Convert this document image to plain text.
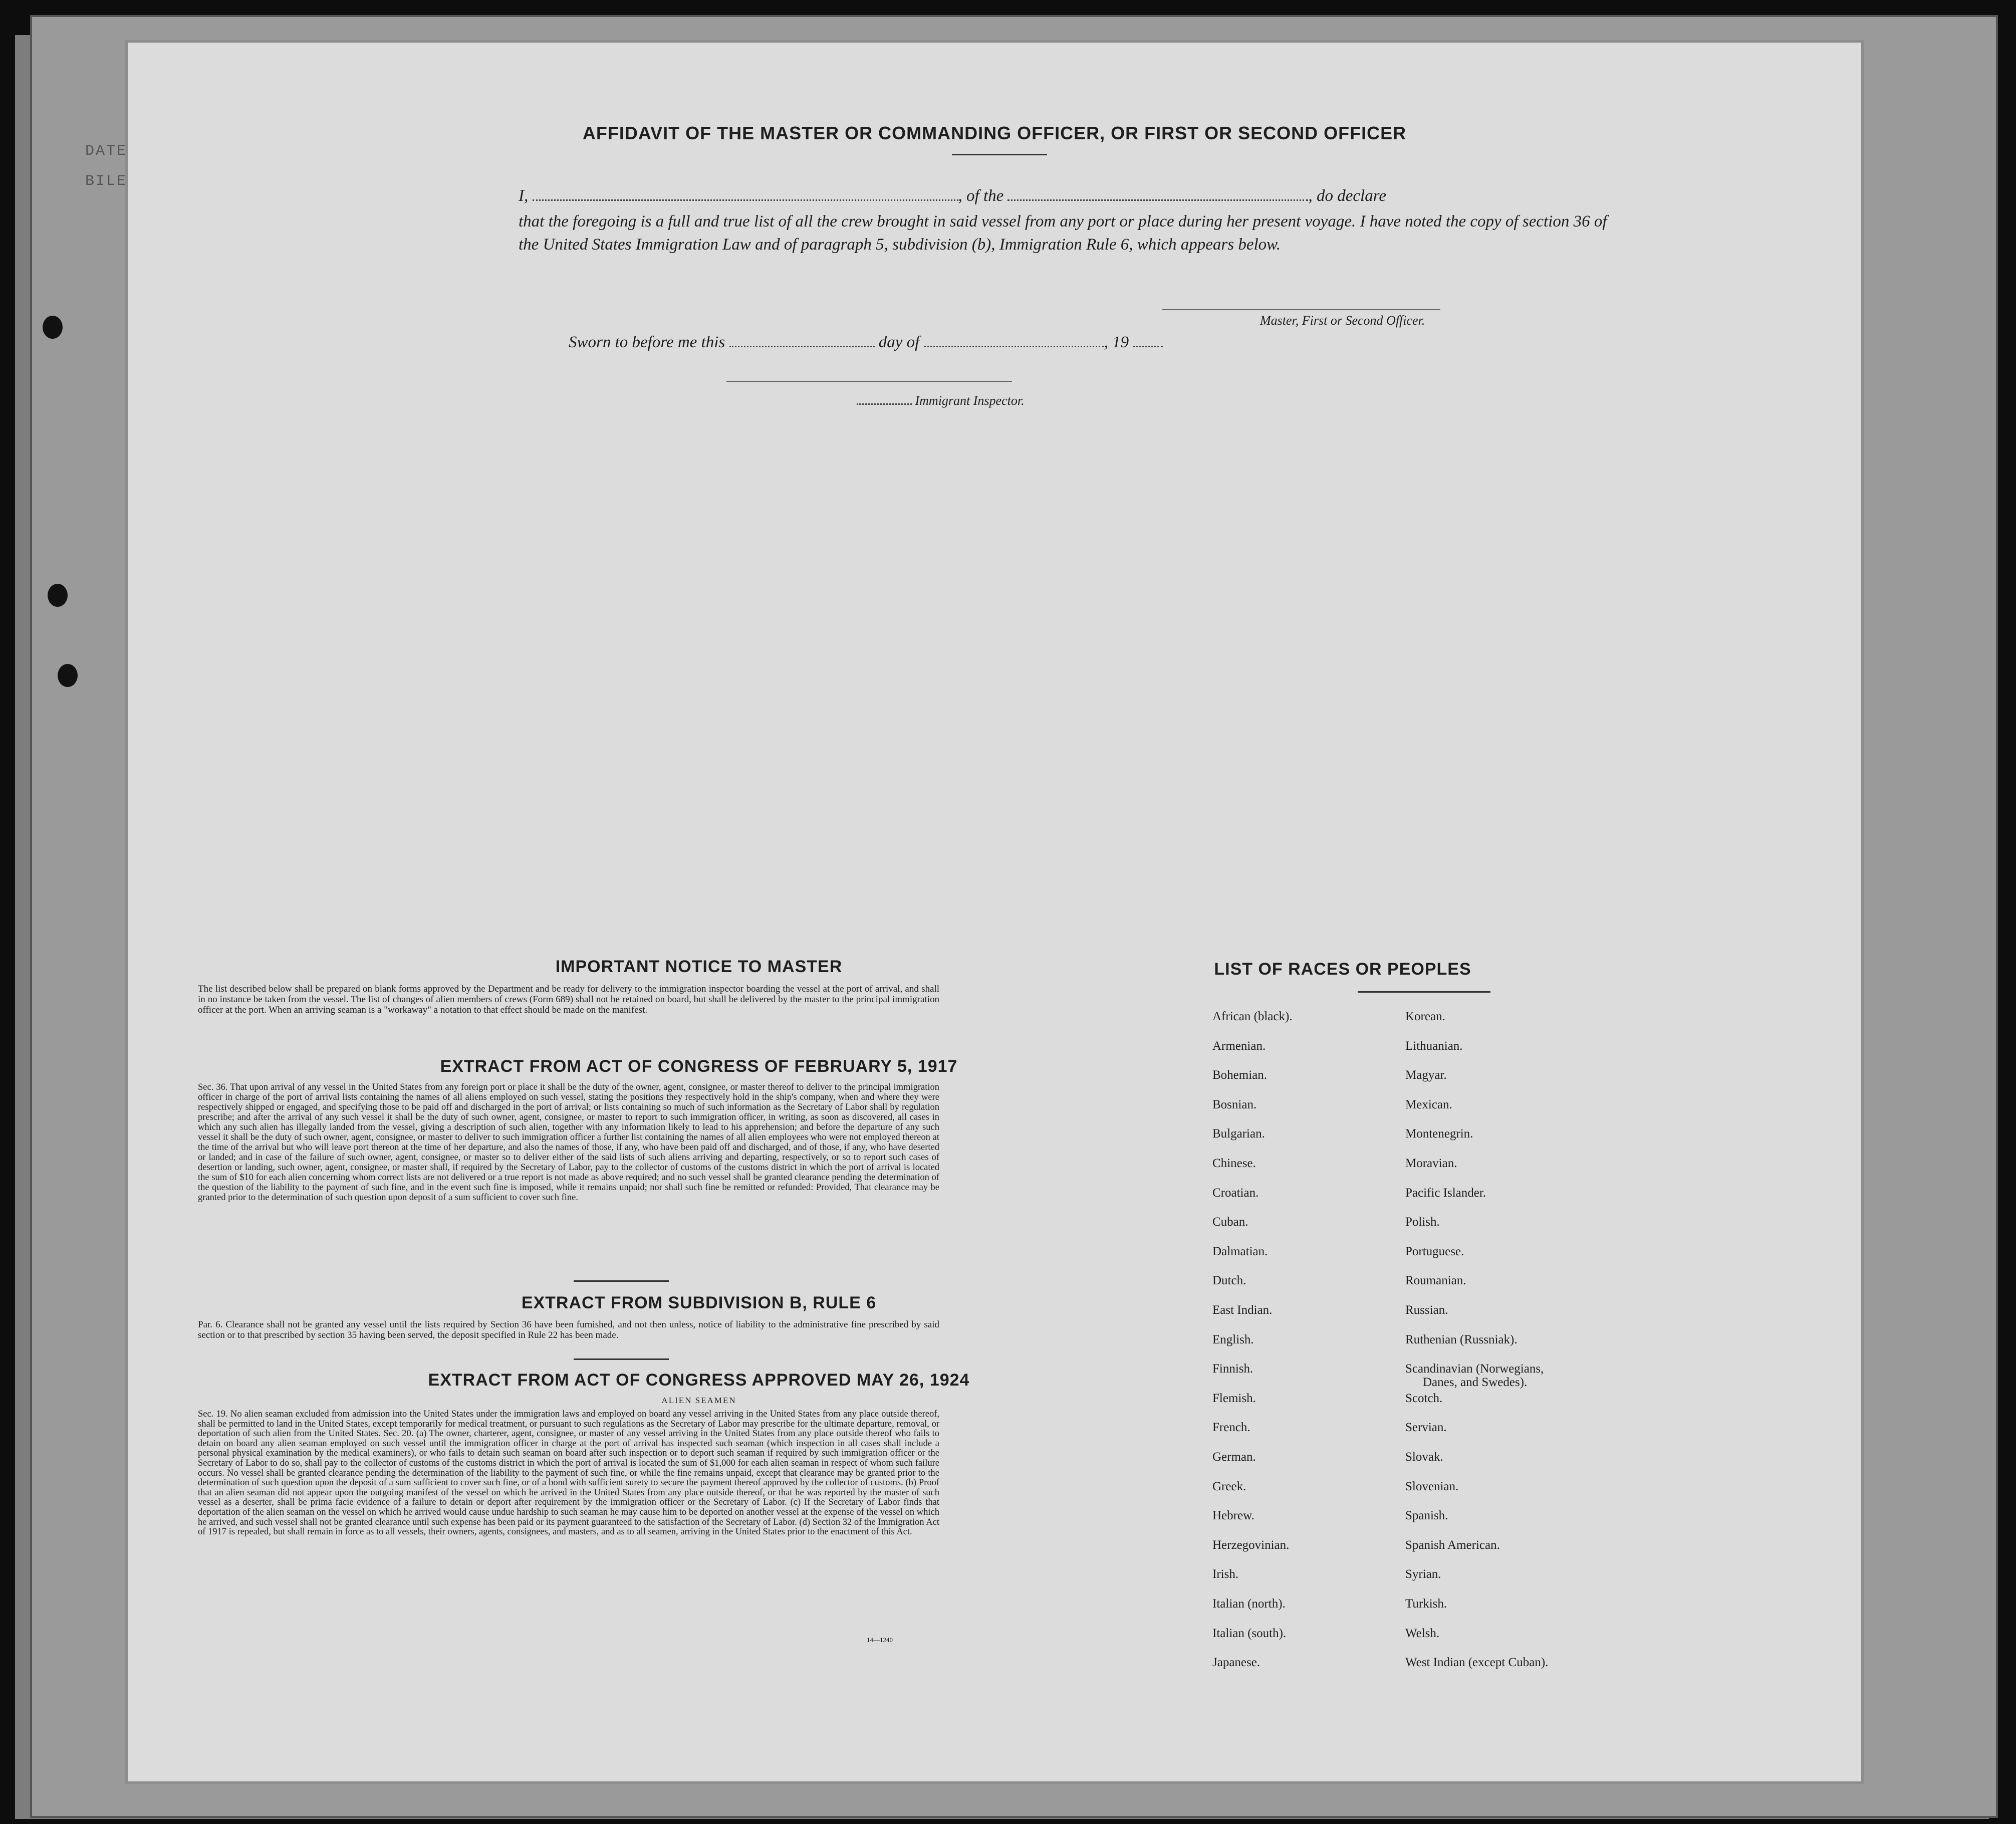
DATE
BILE
AFFIDAVIT OF THE MASTER OR COMMANDING OFFICER, OR FIRST OR SECOND OFFICER
I,	, of the	, do declare
that the foregoing is a full and true list of all the crew brought in said vessel from any port or place during her present voyage. I have noted the copy of section 36 of the United States Immigration Law and of paragraph 5, subdivision (b), Immigration Rule 6, which appears below.
Master, First or Second Officer.
Sworn to before me this	day of	, 19
Immigrant Inspector.
IMPORTANT NOTICE TO MASTER
The list described below shall be prepared on blank forms approved by the Department and be ready for delivery to the immigration inspector boarding the vessel at the port of arrival, and shall in no instance be taken from the vessel. The list of changes of alien members of crews (Form 689) shall not be retained on board, but shall be delivered by the master to the principal immigration officer at the port. When an arriving seaman is a "workaway" a notation to that effect should be made on the manifest.
EXTRACT FROM ACT OF CONGRESS OF FEBRUARY 5, 1917
Sec. 36. That upon arrival of any vessel in the United States from any foreign port or place it shall be the duty of the owner, agent, consignee, or master thereof to deliver to the principal immigration officer in charge of the port of arrival lists containing the names of all aliens employed on such vessel, stating the positions they respectively hold in the ship's company, when and where they were respectively shipped or engaged, and specifying those to be paid off and discharged in the port of arrival; or lists containing so much of such information as the Secretary of Labor shall by regulation prescribe; and after the arrival of any such vessel it shall be the duty of such owner, agent, consignee, or master to report to such immigration officer, in writing, as soon as discovered, all cases in which any such alien has illegally landed from the vessel, giving a description of such alien, together with any information likely to lead to his apprehension; and before the departure of any such vessel it shall be the duty of such owner, agent, consignee, or master to deliver to such immigration officer a further list containing the names of all alien employees who were not employed thereon at the time of the arrival but who will leave port thereon at the time of her departure, and also the names of those, if any, who have been paid off and discharged, and of those, if any, who have deserted or landed; and in case of the failure of such owner, agent, consignee, or master so to deliver either of the said lists of such aliens arriving and departing, respectively, or so to report such cases of desertion or landing, such owner, agent, consignee, or master shall, if required by the Secretary of Labor, pay to the collector of customs of the customs district in which the port of arrival is located the sum of $10 for each alien concerning whom correct lists are not delivered or a true report is not made as above required; and no such vessel shall be granted clearance pending the determination of the question of the liability to the payment of such fine, and in the event such fine is imposed, while it remains unpaid; nor shall such fine be remitted or refunded: Provided, That clearance may be granted prior to the determination of such question upon deposit of a sum sufficient to cover such fine.
EXTRACT FROM SUBDIVISION B, RULE 6
Par. 6. Clearance shall not be granted any vessel until the lists required by Section 36 have been furnished, and not then unless, notice of liability to the administrative fine prescribed by said section or to that prescribed by section 35 having been served, the deposit specified in Rule 22 has been made.
EXTRACT FROM ACT OF CONGRESS APPROVED MAY 26, 1924
ALIEN SEAMEN
Sec. 19. No alien seaman excluded from admission into the United States under the immigration laws and employed on board any vessel arriving in the United States from any place outside thereof, shall be permitted to land in the United States, except temporarily for medical treatment, or pursuant to such regulations as the Secretary of Labor may prescribe for the ultimate departure, removal, or deportation of such alien from the United States. Sec. 20. (a) The owner, charterer, agent, consignee, or master of any vessel arriving in the United States from any place outside thereof who fails to detain on board any alien seaman employed on such vessel until the immigration officer in charge at the port of arrival has inspected such seaman (which inspection in all cases shall include a personal physical examination by the medical examiners), or who fails to detain such seaman on board after such inspection or to deport such seaman if required by such immigration officer or the Secretary of Labor to do so, shall pay to the collector of customs of the customs district in which the port of arrival is located the sum of $1,000 for each alien seaman in respect of whom such failure occurs. No vessel shall be granted clearance pending the determination of the liability to the payment of such fine, or while the fine remains unpaid, except that clearance may be granted prior to the determination of such question upon the deposit of a sum sufficient to cover such fine, or of a bond with sufficient surety to secure the payment thereof approved by the collector of customs. (b) Proof that an alien seaman did not appear upon the outgoing manifest of the vessel on which he arrived in the United States from any place outside thereof, or that he was reported by the master of such vessel as a deserter, shall be prima facie evidence of a failure to detain or deport after requirement by the immigration officer or the Secretary of Labor. (c) If the Secretary of Labor finds that deportation of the alien seaman on the vessel on which he arrived would cause undue hardship to such seaman he may cause him to be deported on another vessel at the expense of the vessel on which he arrived, and such vessel shall not be granted clearance until such expense has been paid or its payment guaranteed to the satisfaction of the Secretary of Labor. (d) Section 32 of the Immigration Act of 1917 is repealed, but shall remain in force as to all vessels, their owners, agents, consignees, and masters, and as to all seamen, arriving in the United States prior to the enactment of this Act.
14—1240
LIST OF RACES OR PEOPLES
African (black).
Armenian.
Bohemian.
Bosnian.
Bulgarian.
Chinese.
Croatian.
Cuban.
Dalmatian.
Dutch.
East Indian.
English.
Finnish.
Flemish.
French.
German.
Greek.
Hebrew.
Herzegovinian.
Irish.
Italian (north).
Italian (south).
Japanese.
Korean.
Lithuanian.
Magyar.
Mexican.
Montenegrin.
Moravian.
Pacific Islander.
Polish.
Portuguese.
Roumanian.
Russian.
Ruthenian (Russniak).
Scandinavian (Norwegians,
Scotch.
Servian.
Slovak.
Slovenian.
Spanish.
Spanish American.
Syrian.
Turkish.
Welsh.
West Indian (except Cuban).
Danes, and Swedes).
